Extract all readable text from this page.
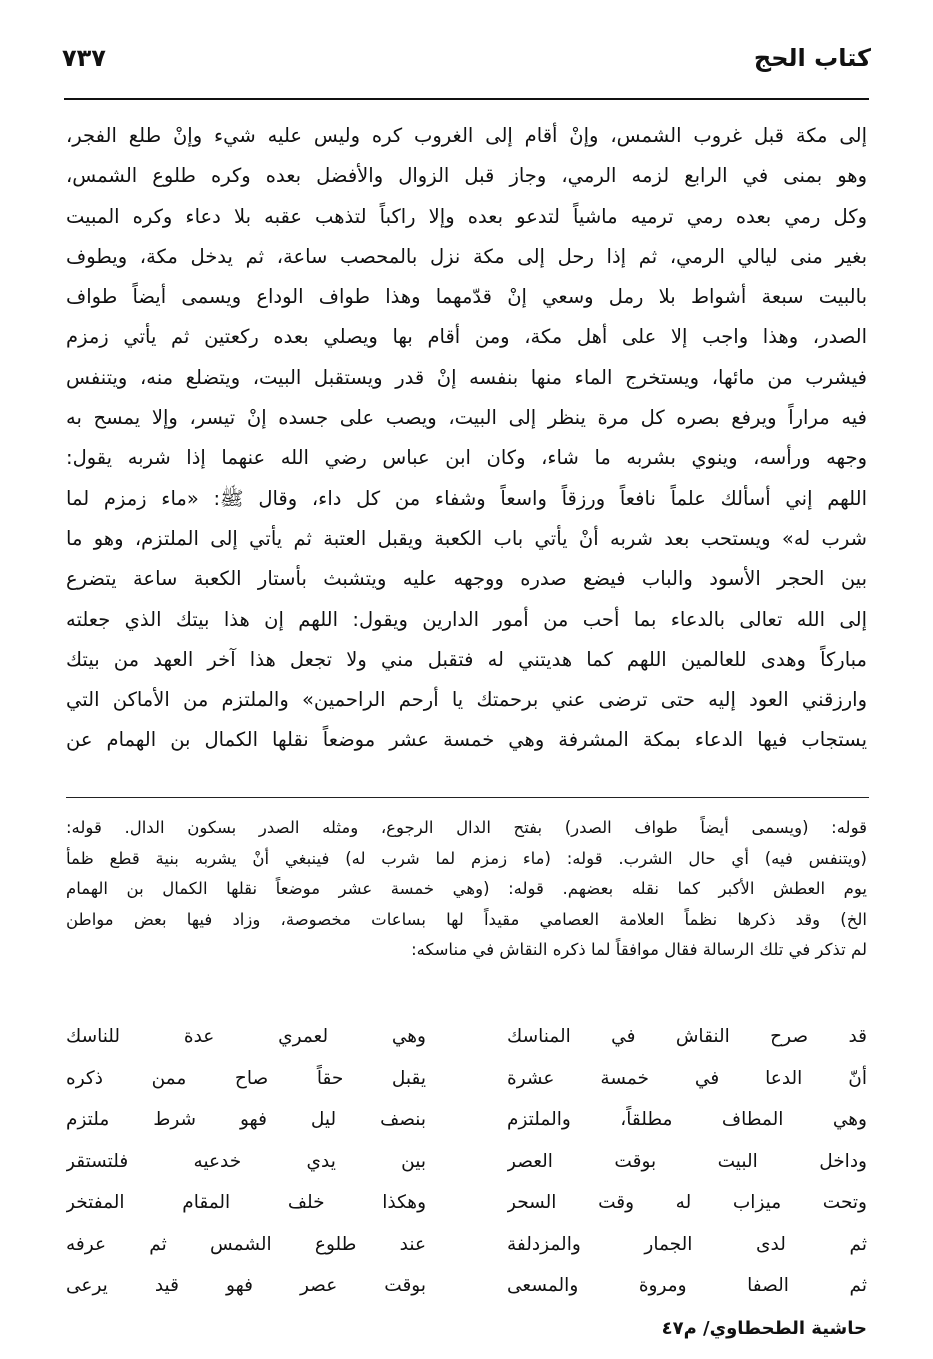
كتاب الحج
٧٣٧
إلى مكة قبل غروب الشمس، وإنْ أقام إلى الغروب كره وليس عليه شيء وإنْ طلع الفجر،
وهو بمنى في الرابع لزمه الرمي، وجاز قبل الزوال والأفضل بعده وكره طلوع الشمس،
وكل رمي بعده رمي ترميه ماشياً لتدعو بعده وإلا راكباً لتذهب عقبه بلا دعاء وكره المبيت
بغير منى ليالي الرمي، ثم إذا رحل إلى مكة نزل بالمحصب ساعة، ثم يدخل مكة، ويطوف
بالبيت سبعة أشواط بلا رمل وسعي إنْ قدّمهما وهذا طواف الوداع ويسمى أيضاً طواف
الصدر، وهذا واجب إلا على أهل مكة، ومن أقام بها ويصلي بعده ركعتين ثم يأتي زمزم
فيشرب من مائها، ويستخرج الماء منها بنفسه إنْ قدر ويستقبل البيت، ويتضلع منه، ويتنفس
فيه مراراً ويرفع بصره كل مرة ينظر إلى البيت، ويصب على جسده إنْ تيسر، وإلا يمسح به
وجهه ورأسه، وينوي بشربه ما شاء، وكان ابن عباس رضي الله عنهما إذا شربه يقول:
اللهم إني أسألك علماً نافعاً ورزقاً واسعاً وشفاء من كل داء، وقال ﷺ: «ماء زمزم لما
شرب له» ويستحب بعد شربه أنْ يأتي باب الكعبة ويقبل العتبة ثم يأتي إلى الملتزم، وهو ما
بين الحجر الأسود والباب فيضع صدره ووجهه عليه ويتشبث بأستار الكعبة ساعة يتضرع
إلى الله تعالى بالدعاء بما أحب من أمور الدارين ويقول: اللهم إن هذا بيتك الذي جعلته
مباركاً وهدى للعالمين اللهم كما هديتني له فتقبل مني ولا تجعل هذا آخر العهد من بيتك
وارزقني العود إليه حتى ترضى عني برحمتك يا أرحم الراحمين» والملتزم من الأماكن التي
يستجاب فيها الدعاء بمكة المشرفة وهي خمسة عشر موضعاً نقلها الكمال بن الهمام عن
قوله: (ويسمى أيضاً طواف الصدر) بفتح الدال الرجوع، ومثله الصدر بسكون الدال. قوله:
(ويتنفس فيه) أي حال الشرب. قوله: (ماء زمزم لما شرب له) فينبغي أنْ يشربه بنية قطع ظمأ
يوم العطش الأكبر كما نقله بعضهم. قوله: (وهي خمسة عشر موضعاً نقلها الكمال بن الهمام
الخ) وقد ذكرها نظماً العلامة العصامي مقيداً لها بساعات مخصوصة، وزاد فيها بعض مواطن
لم تذكر في تلك الرسالة فقال موافقاً لما ذكره النقاش في مناسكه:
قد صرح النقاش في المناسك
وهي لعمري عدة للناسك
أنّ الدعا في خمسة عشرة
يقبل حقاً صاح ممن ذكره
وهي المطاف مطلقاً، والملتزم
بنصف ليل فهو شرط ملتزم
وداخل البيت بوقت العصر
بين يدي خدعيه فلتستقر
وتحت ميزاب له وقت السحر
وهكذا خلف المقام المفتخر
ثم لدى الجمار والمزدلفة
عند طلوع الشمس ثم عرفه
ثم الصفا ومروة والمسعى
بوقت عصر فهو قيد يرعى
حاشية الطحطاوي/ م٤٧
